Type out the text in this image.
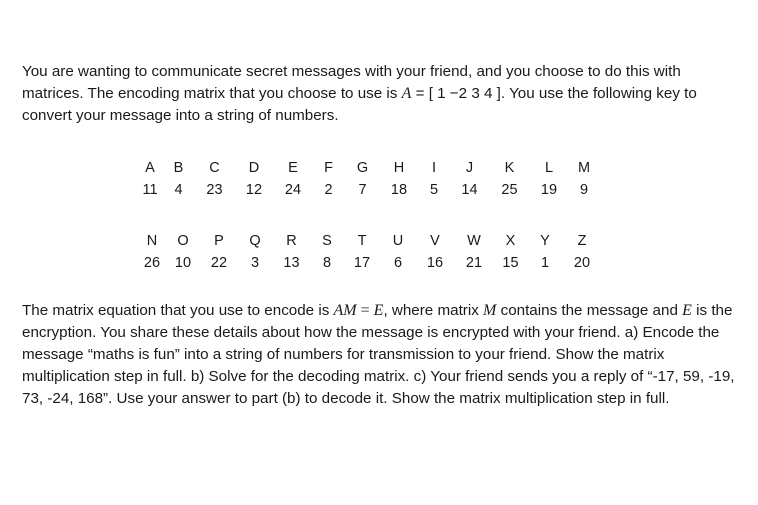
You are wanting to communicate secret messages with your friend, and you choose to do this with matrices. The encoding matrix that you choose to use is A = [ 1 −2 3 4 ]. You use the following key to convert your message into a string of numbers.

A	B	C	D	E	F	G	H	I	J	K	L	M
11	4	23	12	24	2	7	18	5	14	25	19	9
N	O	P	Q	R	S	T	U	V	W	X	Y	Z
26	10	22	3	13	8	17	6	16	21	15	1	20

The matrix equation that you use to encode is AM = E, where matrix M contains the message and E is the encryption. You share these details about how the message is encrypted with your friend. a) Encode the message “maths is fun” into a string of numbers for transmission to your friend. Show the matrix multiplication step in full. b) Solve for the decoding matrix. c) Your friend sends you a reply of “-17, 59, -19, 73, -24, 168”. Use your answer to part (b) to decode it. Show the matrix multiplication step in full.
